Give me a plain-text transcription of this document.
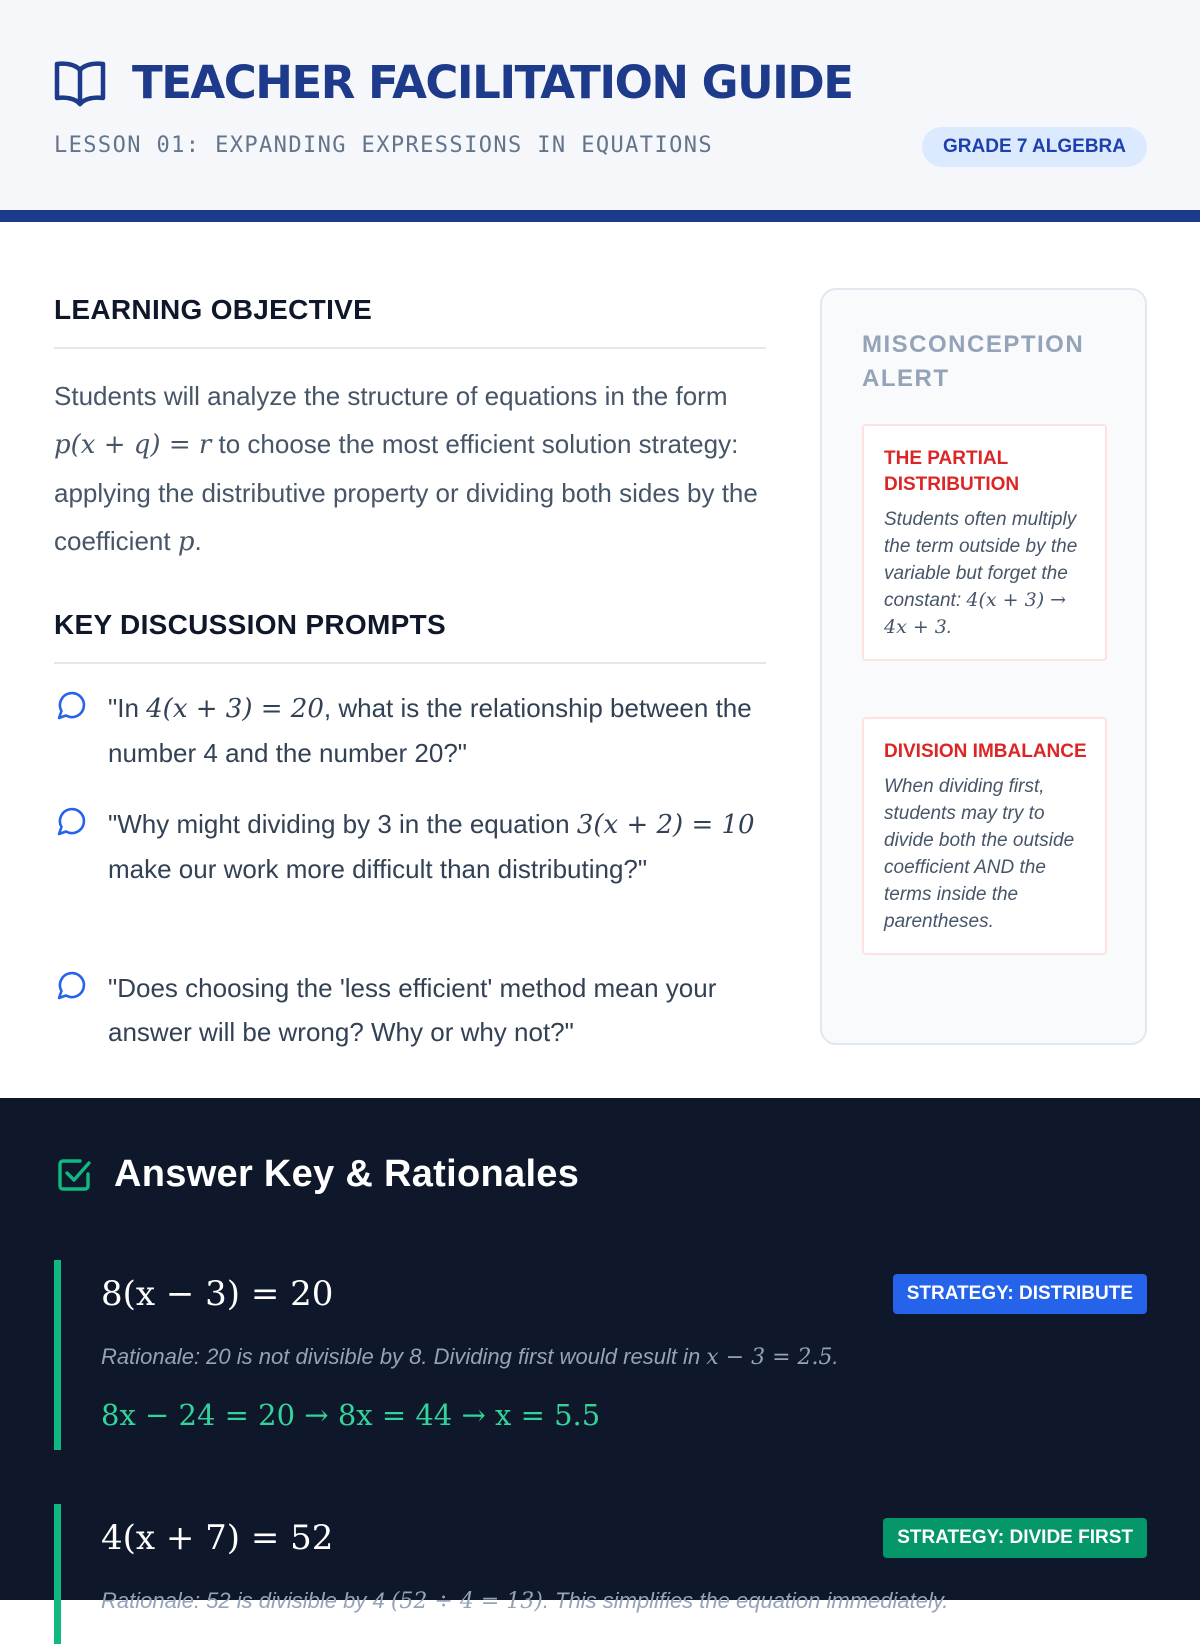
TEACHER FACILITATION GUIDE
LESSON 01: EXPANDING EXPRESSIONS IN EQUATIONS	GRADE 7 ALGEBRA
LEARNING OBJECTIVE
Students will analyze the structure of equations in the form p(x + q) = r to choose the most efficient solution strategy: applying the distributive property or dividing both sides by the coefficient p.
KEY DISCUSSION PROMPTS
"In 4(x + 3) = 20, what is the relationship between the number 4 and the number 20?"
"Why might dividing by 3 in the equation 3(x + 2) = 10 make our work more difficult than distributing?"
"Does choosing the 'less efficient' method mean your answer will be wrong? Why or why not?"
MISCONCEPTION ALERT
THE PARTIAL DISTRIBUTION
Students often multiply the term outside by the variable but forget the constant: 4(x + 3) → 4x + 3.
DIVISION IMBALANCE
When dividing first, students may try to divide both the outside coefficient AND the terms inside the parentheses.
Answer Key & Rationales
8(x − 3) = 20	STRATEGY: DISTRIBUTE
Rationale: 20 is not divisible by 8. Dividing first would result in x − 3 = 2.5.
8x − 24 = 20 → 8x = 44 → x = 5.5
4(x + 7) = 52	STRATEGY: DIVIDE FIRST
Rationale: 52 is divisible by 4 (52 ÷ 4 = 13). This simplifies the equation immediately.
